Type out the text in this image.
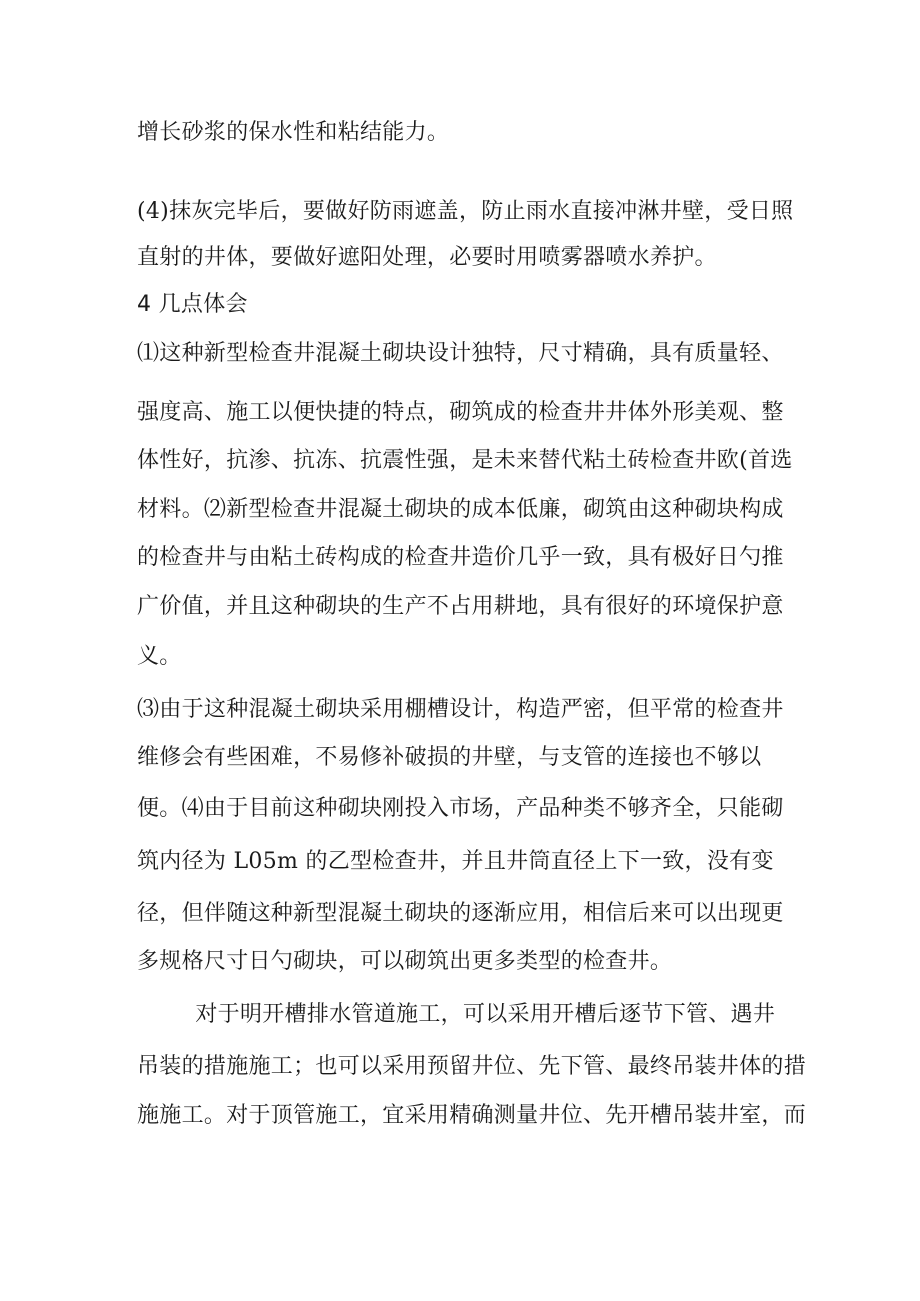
增长砂浆的保水性和粘结能力。
(4)抹灰完毕后，要做好防雨遮盖，防止雨水直接冲淋井壁，受日照
直射的井体，要做好遮阳处理，必要时用喷雾器喷水养护。
4 几点体会
⑴这种新型检查井混凝土砌块设计独特，尺寸精确，具有质量轻、
强度高、施工以便快捷的特点，砌筑成的检查井井体外形美观、整
体性好，抗渗、抗冻、抗震性强，是未来替代粘土砖检查井欧(首选
材料。⑵新型检查井混凝土砌块的成本低廉，砌筑由这种砌块构成
的检查井与由粘土砖构成的检查井造价几乎一致，具有极好日勺推
广价值，并且这种砌块的生产不占用耕地，具有很好的环境保护意
义。
⑶由于这种混凝土砌块采用棚槽设计，构造严密，但平常的检查井
维修会有些困难，不易修补破损的井壁，与支管的连接也不够以
便。⑷由于目前这种砌块刚投入市场，产品种类不够齐全，只能砌
筑内径为 L05m 的乙型检查井，并且井筒直径上下一致，没有变
径，但伴随这种新型混凝土砌块的逐渐应用，相信后来可以出现更
多规格尺寸日勺砌块，可以砌筑出更多类型的检查井。
对于明开槽排水管道施工，可以采用开槽后逐节下管、遇井
吊装的措施施工；也可以采用预留井位、先下管、最终吊装井体的措
施施工。对于顶管施工，宜采用精确测量井位、先开槽吊装井室，而
